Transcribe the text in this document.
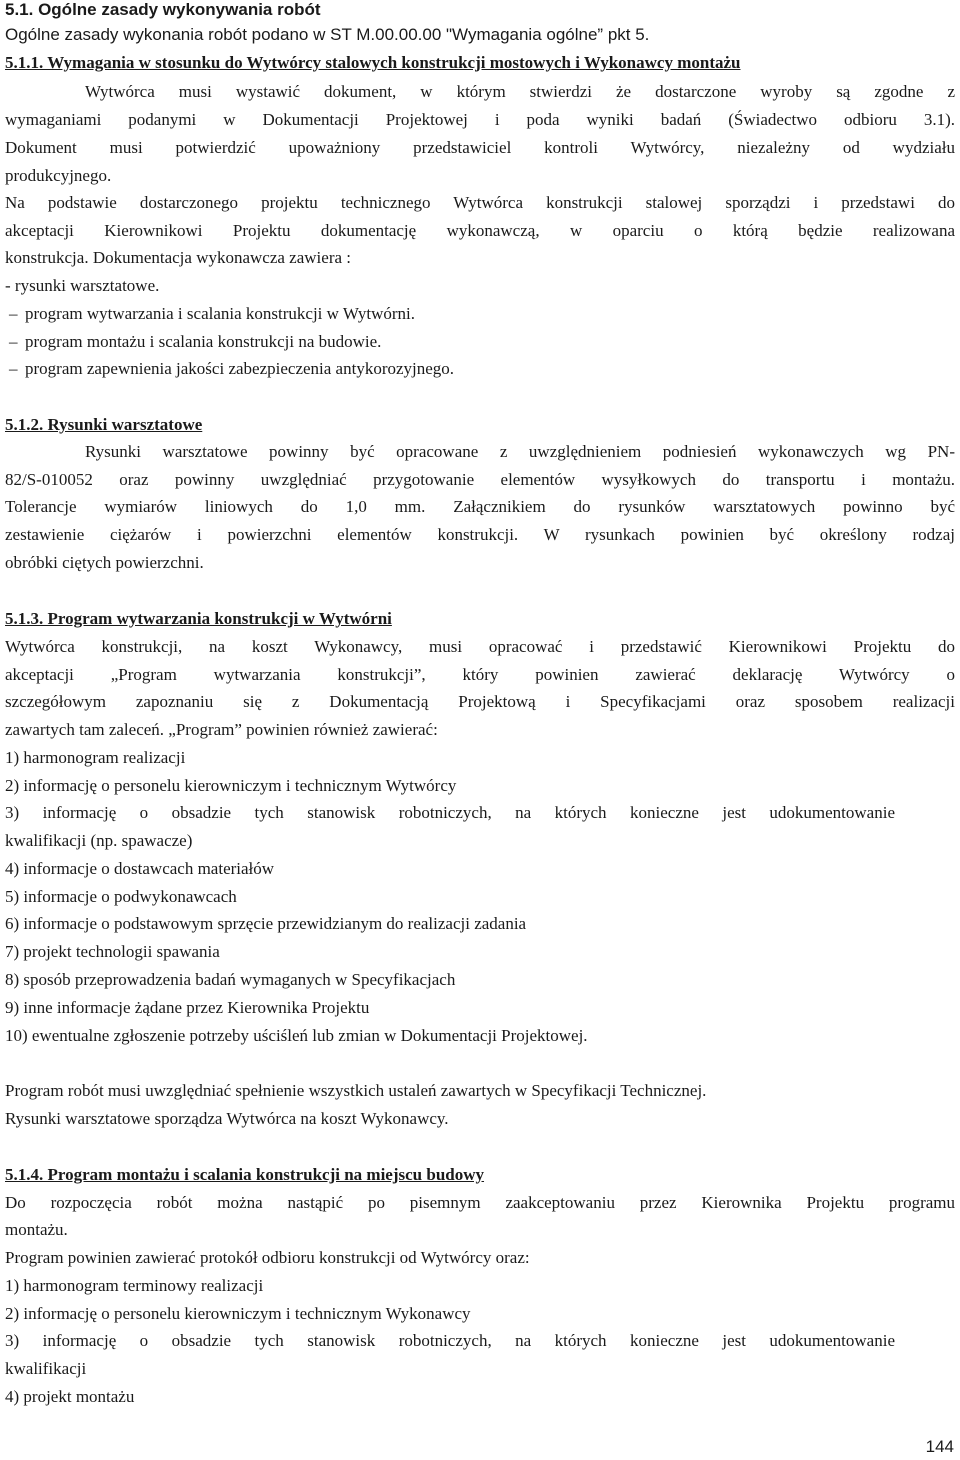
5.1. Ogólne zasady wykonywania robót
Ogólne zasady wykonania robót podano w ST M.00.00.00 "Wymagania ogólne” pkt 5.
5.1.1. Wymagania w stosunku do Wytwórcy stalowych konstrukcji mostowych i Wykonawcy montażu
Wytwórca musi wystawić dokument, w którym stwierdzi że dostarczone wyroby są zgodne z
wymaganiami podanymi w Dokumentacji Projektowej i poda wyniki badań (Świadectwo odbioru 3.1).
Dokument musi potwierdzić upoważniony przedstawiciel kontroli Wytwórcy, niezależny od wydziału
produkcyjnego.
Na podstawie dostarczonego projektu technicznego Wytwórca konstrukcji stalowej sporządzi i przedstawi do
akceptacji Kierownikowi Projektu dokumentację wykonawczą, w oparciu o którą będzie realizowana
konstrukcja. Dokumentacja wykonawcza zawiera :
- rysunki warsztatowe.
– program wytwarzania i scalania konstrukcji w Wytwórni.
– program montażu i scalania konstrukcji na budowie.
– program zapewnienia jakości zabezpieczenia antykorozyjnego.
5.1.2. Rysunki warsztatowe
Rysunki warsztatowe powinny być opracowane z uwzględnieniem podniesień wykonawczych wg PN-
82/S-010052 oraz powinny uwzględniać przygotowanie elementów wysyłkowych do transportu i montażu.
Tolerancje wymiarów liniowych do 1,0 mm. Załącznikiem do rysunków warsztatowych powinno być
zestawienie ciężarów i powierzchni elementów konstrukcji. W rysunkach powinien być określony rodzaj
obróbki ciętych powierzchni.
5.1.3. Program wytwarzania konstrukcji w Wytwórni
Wytwórca konstrukcji, na koszt Wykonawcy, musi opracować i przedstawić Kierownikowi Projektu do
akceptacji „Program wytwarzania konstrukcji”, który powinien zawierać deklarację Wytwórcy o
szczegółowym zapoznaniu się z Dokumentacją Projektową i Specyfikacjami oraz sposobem realizacji
zawartych tam zaleceń. „Program” powinien również zawierać:
1) harmonogram realizacji
2) informację o personelu kierowniczym i technicznym Wytwórcy
3) informację o obsadzie tych stanowisk robotniczych, na których konieczne jest udokumentowanie
kwalifikacji (np. spawacze)
4) informacje o dostawcach materiałów
5) informacje o podwykonawcach
6) informacje o podstawowym sprzęcie przewidzianym do realizacji zadania
7) projekt technologii spawania
8) sposób przeprowadzenia badań wymaganych w Specyfikacjach
9) inne informacje żądane przez Kierownika Projektu
10) ewentualne zgłoszenie potrzeby uściśleń lub zmian w Dokumentacji Projektowej.
Program robót musi uwzględniać spełnienie wszystkich ustaleń zawartych w Specyfikacji Technicznej.
Rysunki warsztatowe sporządza Wytwórca na koszt Wykonawcy.
5.1.4. Program montażu i scalania konstrukcji na miejscu budowy
Do rozpoczęcia robót można nastąpić po pisemnym zaakceptowaniu przez Kierownika Projektu programu
montażu.
Program powinien zawierać protokół odbioru konstrukcji od Wytwórcy oraz:
1) harmonogram terminowy realizacji
2) informację o personelu kierowniczym i technicznym Wykonawcy
3) informację o obsadzie tych stanowisk robotniczych, na których konieczne jest udokumentowanie
kwalifikacji
4) projekt montażu
144
